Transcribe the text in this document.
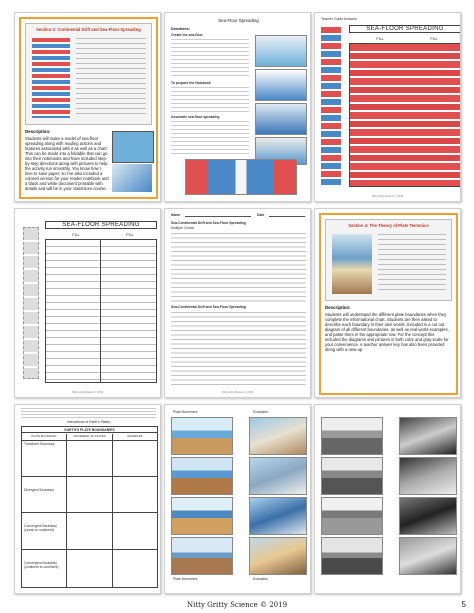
Section 3: Continental Drift and Sea-Floor Spreading
Description:
Students will make a model of sea-floor spreading along with reading actions and features associated with it as well as a chart. This can be made into a foldable that can go into their notebooks and have included step-by-step directions along with pictures to help the activity run smoothly. You know how I love to save paper, so I've also included a colored version for your reader notebook and a black and white document printable with details and will be in your classroom course.
Sea-Floor Spreading
Directions:
Create the sea-floor
To prepare the Notebook
Assemble sea-floor spreading
Teacher Guide Answers
SEA-FLOOR SPREADING
FILL	FILL
Nitty Gritty Science © 2019
SEA-FLOOR SPREADING
FILL	FILL
Nitty Gritty Science © 2019
Name	Date
Sea-Continental Drift and Sea-Floor Spreading
Multiple Choice
Sea-Continental Drift and Sea-Floor Spreading
Nitty Gritty Science © 2019
Section 4: The Theory of Plate Tectonics
Description:
Students will understand the different plate boundaries when they complete the informational chart. Students are then asked to describe each boundary in their own words. Included is a cut out diagram of all different boundaries, as well as real-world examples, and paste them in the appropriate row. For the concept this included the diagrams and pictures in both color and gray-scale for your convenience. A teacher answer key has also been provided along with a new-up.
Interactions of Earth's Plates
EARTH'S PLATE BOUNDARIES
PLATE BOUNDARY	MOVEMENT OF PLATES	EXAMPLES
Transform Boundary
Divergent Boundary
Convergent Boundary (ocean to continent)
Convergent Boundary (continent to continent)
Plate Movement	Examples
Plate Movement	Examples
Nitty Gritty Science © 2019	5
